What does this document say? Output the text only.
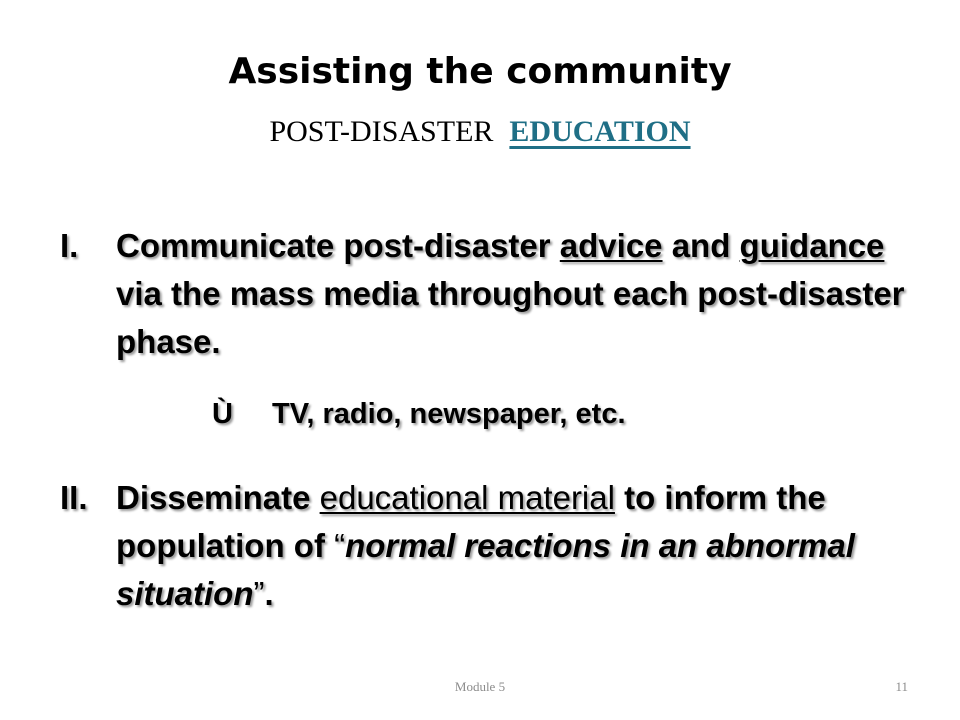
Assisting the community
POST-DISASTER EDUCATION
I. Communicate post-disaster advice and guidance via the mass media throughout each post-disaster phase.
Ù TV, radio, newspaper, etc.
II. Disseminate educational material to inform the population of “normal reactions in an abnormal situation”.
Module 5	11
